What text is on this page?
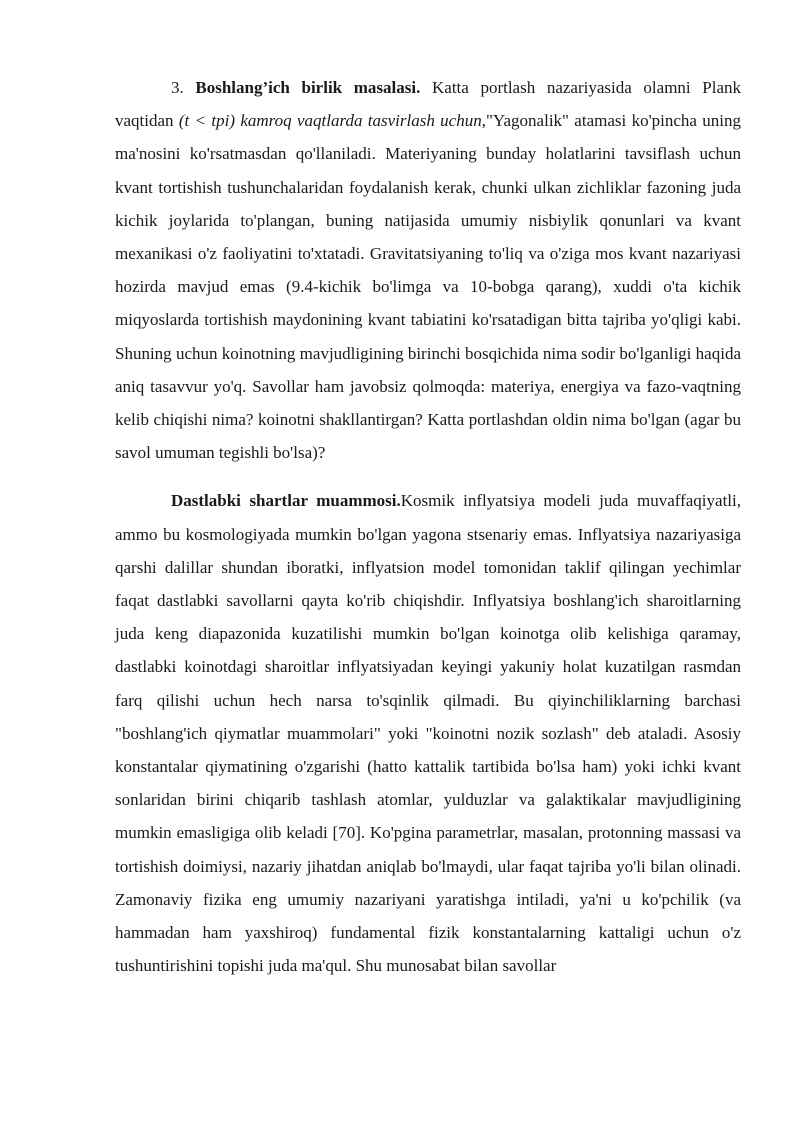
3. Boshlang’ich birlik masalasi. Katta portlash nazariyasida olamni Plank vaqtidan (t < tpi) kamroq vaqtlarda tasvirlash uchun,"Yagonalik" atamasi ko'pincha uning ma'nosini ko'rsatmasdan qo'llaniladi. Materiyaning bunday holatlarini tavsiflash uchun kvant tortishish tushunchalaridan foydalanish kerak, chunki ulkan zichliklar fazoning juda kichik joylarida to'plangan, buning natijasida umumiy nisbiylik qonunlari va kvant mexanikasi o'z faoliyatini to'xtatadi. Gravitatsiyaning to'liq va o'ziga mos kvant nazariyasi hozirda mavjud emas (9.4-kichik bo'limga va 10-bobga qarang), xuddi o'ta kichik miqyoslarda tortishish maydonining kvant tabiatini ko'rsatadigan bitta tajriba yo'qligi kabi. Shuning uchun koinotning mavjudligining birinchi bosqichida nima sodir bo'lganligi haqida aniq tasavvur yo'q. Savollar ham javobsiz qolmoqda: materiya, energiya va fazo-vaqtning kelib chiqishi nima? koinotni shakllantirgan? Katta portlashdan oldin nima bo'lgan (agar bu savol umuman tegishli bo'lsa)?

Dastlabki shartlar muammosi.Kosmik inflyatsiya modeli juda muvaffaqiyatli, ammo bu kosmologiyada mumkin bo'lgan yagona stsenariy emas. Inflyatsiya nazariyasiga qarshi dalillar shundan iboratki, inflyatsion model tomonidan taklif qilingan yechimlar faqat dastlabki savollarni qayta ko'rib chiqishdir. Inflyatsiya boshlang'ich sharoitlarning juda keng diapazonida kuzatilishi mumkin bo'lgan koinotga olib kelishiga qaramay, dastlabki koinotdagi sharoitlar inflyatsiyadan keyingi yakuniy holat kuzatilgan rasmdan farq qilishi uchun hech narsa to'sqinlik qilmadi. Bu qiyinchiliklarning barchasi "boshlang'ich qiymatlar muammolari" yoki "koinotni nozik sozlash" deb ataladi. Asosiy konstantalar qiymatining o'zgarishi (hatto kattalik tartibida bo'lsa ham) yoki ichki kvant sonlaridan birini chiqarib tashlash atomlar, yulduzlar va galaktikalar mavjudligining mumkin emasligiga olib keladi [70]. Ko'pgina parametrlar, masalan, protonning massasi va tortishish doimiysi, nazariy jihatdan aniqlab bo'lmaydi, ular faqat tajriba yo'li bilan olinadi. Zamonaviy fizika eng umumiy nazariyani yaratishga intiladi, ya'ni u ko'pchilik (va hammadan ham yaxshiroq) fundamental fizik konstantalarning kattaligi uchun o'z tushuntirishini topishi juda ma'qul. Shu munosabat bilan savollar
